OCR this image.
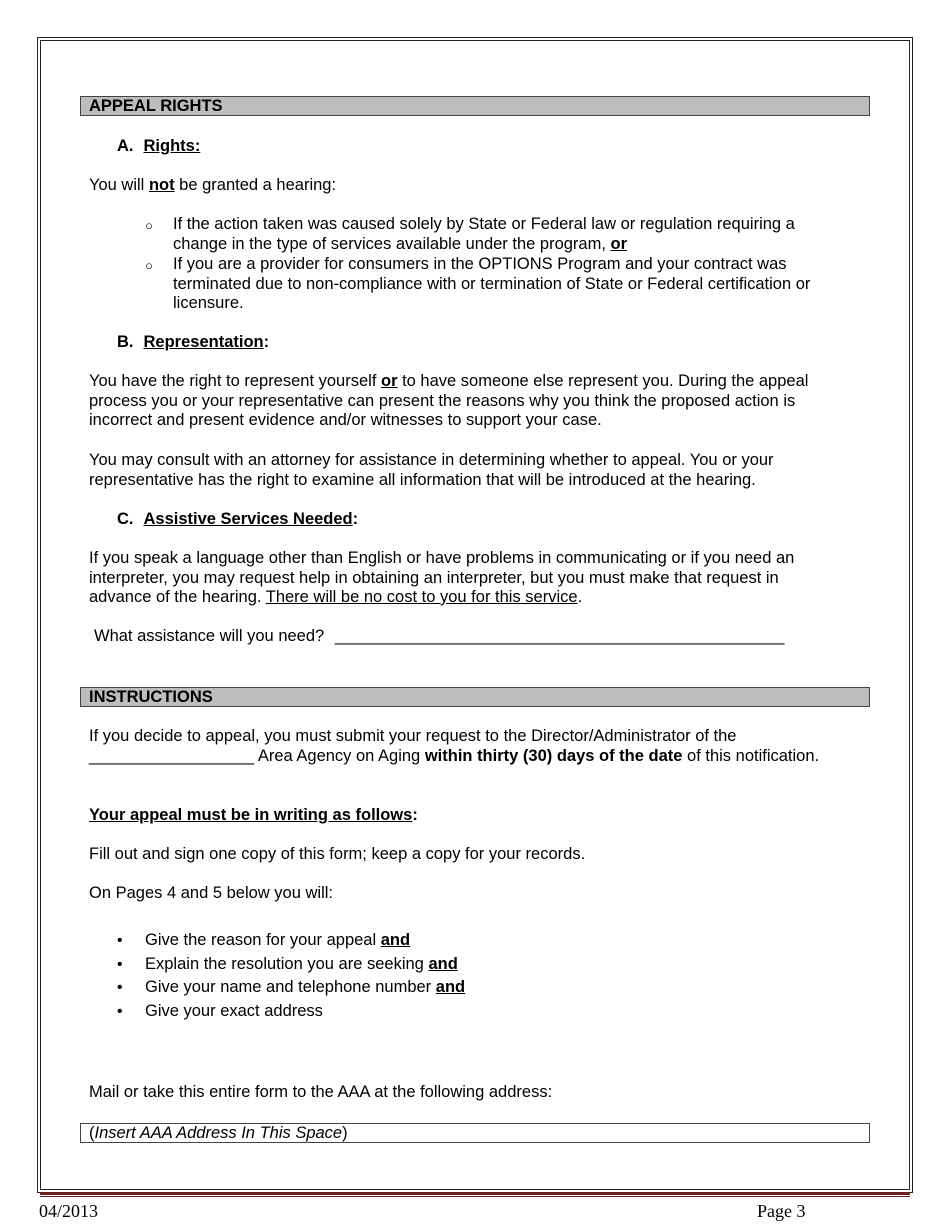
APPEAL RIGHTS
A. Rights:
You will not be granted a hearing:
○ If the action taken was caused solely by State or Federal law or regulation requiring a
change in the type of services available under the program, or
○ If you are a provider for consumers in the OPTIONS Program and your contract was
terminated due to non-compliance with or termination of State or Federal certification or
licensure.
B. Representation:
You have the right to represent yourself or to have someone else represent you. During the appeal
process you or your representative can present the reasons why you think the proposed action is
incorrect and present evidence and/or witnesses to support your case.
You may consult with an attorney for assistance in determining whether to appeal. You or your
representative has the right to examine all information that will be introduced at the hearing.
C. Assistive Services Needed:
If you speak a language other than English or have problems in communicating or if you need an
interpreter, you may request help in obtaining an interpreter, but you must make that request in
advance of the hearing. There will be no cost to you for this service.
What assistance will you need? _________________________________________________
INSTRUCTIONS
If you decide to appeal, you must submit your request to the Director/Administrator of the
__________________ Area Agency on Aging within thirty (30) days of the date of this notification.
Your appeal must be in writing as follows:
Fill out and sign one copy of this form; keep a copy for your records.
On Pages 4 and 5 below you will:
• Give the reason for your appeal and
• Explain the resolution you are seeking and
• Give your name and telephone number and
• Give your exact address
Mail or take this entire form to the AAA at the following address:
(Insert AAA Address In This Space)
04/2013	Page 3
